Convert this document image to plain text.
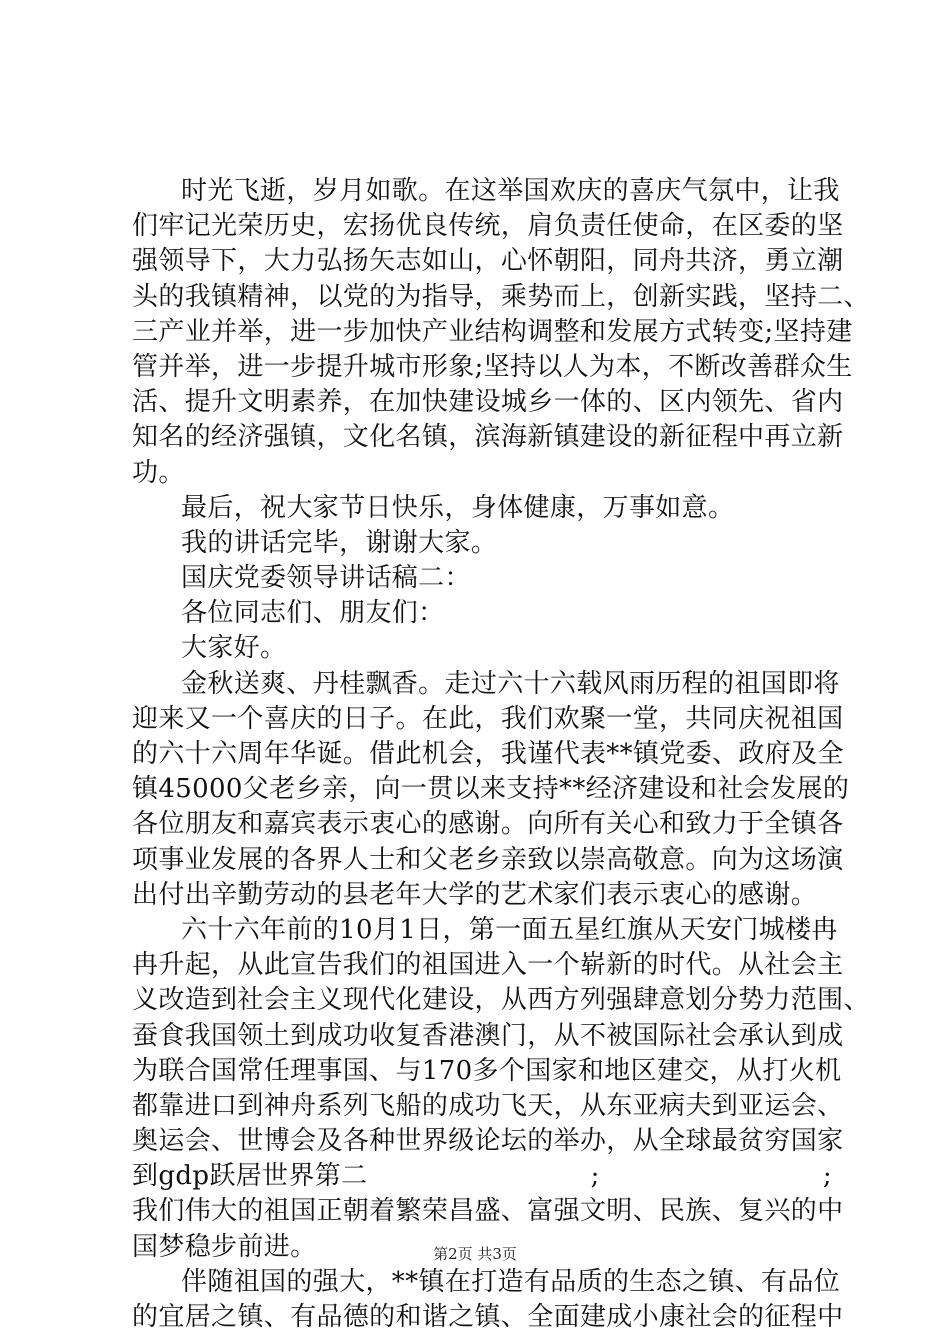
时光飞逝，岁月如歌。在这举国欢庆的喜庆气氛中，让我
们牢记光荣历史，宏扬优良传统，肩负责任使命，在区委的坚
强领导下，大力弘扬矢志如山，心怀朝阳，同舟共济，勇立潮
头的我镇精神，以党的为指导，乘势而上，创新实践，坚持二、
三产业并举，进一步加快产业结构调整和发展方式转变;坚持建
管并举，进一步提升城市形象;坚持以人为本，不断改善群众生
活、提升文明素养，在加快建设城乡一体的、区内领先、省内
知名的经济强镇，文化名镇，滨海新镇建设的新征程中再立新
功。
最后，祝大家节日快乐，身体健康，万事如意。
我的讲话完毕，谢谢大家。
国庆党委领导讲话稿二：
各位同志们、朋友们：
大家好。
金秋送爽、丹桂飘香。走过六十六载风雨历程的祖国即将
迎来又一个喜庆的日子。在此，我们欢聚一堂，共同庆祝祖国
的六十六周年华诞。借此机会，我谨代表**镇党委、政府及全
镇45000父老乡亲，向一贯以来支持**经济建设和社会发展的
各位朋友和嘉宾表示衷心的感谢。向所有关心和致力于全镇各
项事业发展的各界人士和父老乡亲致以崇高敬意。向为这场演
出付出辛勤劳动的县老年大学的艺术家们表示衷心的感谢。
六十六年前的10月1日，第一面五星红旗从天安门城楼冉
冉升起，从此宣告我们的祖国进入一个崭新的时代。从社会主
义改造到社会主义现代化建设，从西方列强肆意划分势力范围、
蚕食我国领土到成功收复香港澳门，从不被国际社会承认到成
为联合国常任理事国、与170多个国家和地区建交，从打火机
都靠进口到神舟系列飞船的成功飞天，从东亚病夫到亚运会、
奥运会、世博会及各种世界级论坛的举办，从全球最贫穷国家
到gdp跃居世界第二	;	;
我们伟大的祖国正朝着繁荣昌盛、富强文明、民族、复兴的中
国梦稳步前进。
伴随祖国的强大，**镇在打造有品质的生态之镇、有品位
的宜居之镇、有品德的和谐之镇、全面建成小康社会的征程中
第2页 共3页
